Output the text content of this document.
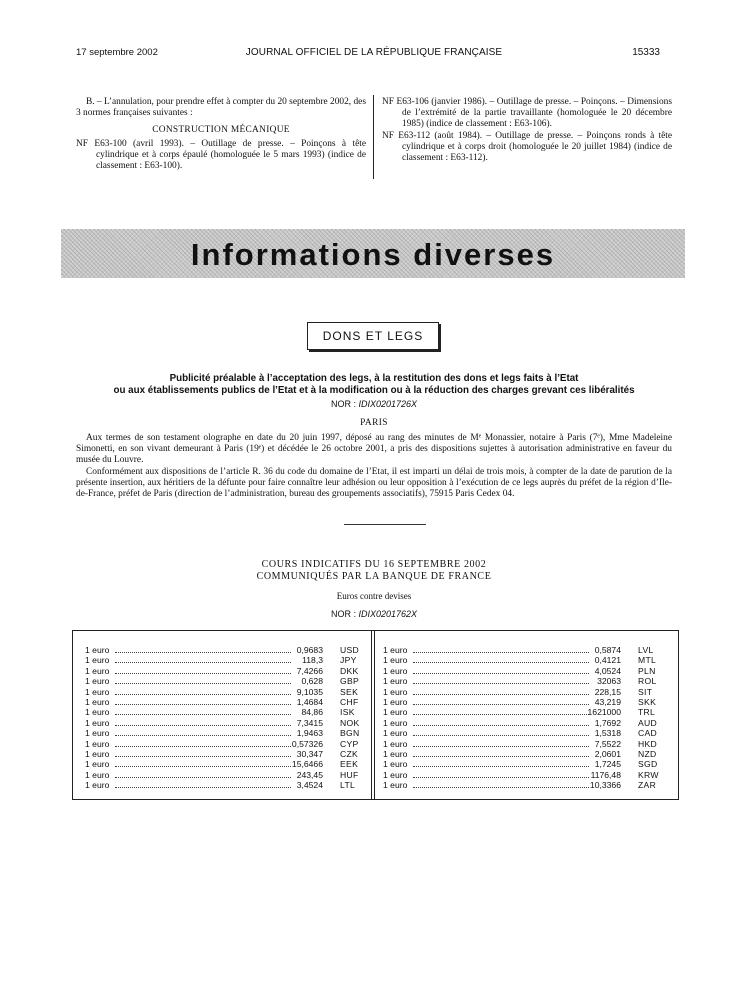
17 septembre 2002	JOURNAL OFFICIEL DE LA RÉPUBLIQUE FRANÇAISE	15333
B. – L’annulation, pour prendre effet à compter du 20 septembre 2002, des 3 normes françaises suivantes :
CONSTRUCTION MÉCANIQUE
NF E63-100 (avril 1993). – Outillage de presse. – Poinçons à tête cylindrique et à corps épaulé (homologuée le 5 mars 1993) (indice de classement : E63-100).
NF E63-106 (janvier 1986). – Outillage de presse. – Poinçons. – Dimensions de l’extrémité de la partie travaillante (homologuée le 20 décembre 1985) (indice de classement : E63-106).
NF E63-112 (août 1984). – Outillage de presse. – Poinçons ronds à tête cylindrique et à corps droit (homologuée le 20 juillet 1984) (indice de classement : E63-112).
Informations diverses
DONS ET LEGS
Publicité préalable à l’acceptation des legs, à la restitution des dons et legs faits à l’Etat
ou aux établissements publics de l’Etat et à la modification ou à la réduction des charges grevant ces libéralités
NOR : IDIX0201726X
PARIS
Aux termes de son testament olographe en date du 20 juin 1997, déposé au rang des minutes de Mᵉ Monassier, notaire à Paris (7ᵉ), Mme Madeleine Simonetti, en son vivant demeurant à Paris (19ᵉ) et décédée le 26 octobre 2001, a pris des dispositions sujettes à autorisation administrative en faveur du musée du Louvre.
Conformément aux dispositions de l’article R. 36 du code du domaine de l’Etat, il est imparti un délai de trois mois, à compter de la date de parution de la présente insertion, aux héritiers de la défunte pour faire connaître leur adhésion ou leur opposition à l’exécution de ce legs auprès du préfet de la région d’Ile-de-France, préfet de Paris (direction de l’administration, bureau des groupements associatifs), 75915 Paris Cedex 04.
COURS INDICATIFS DU 16 SEPTEMBRE 2002
COMMUNIQUÉS PAR LA BANQUE DE FRANCE
Euros contre devises
NOR : IDIX0201762X
1 euro	0,9683 USD
1 euro	118,3 JPY
1 euro	7,4266 DKK
1 euro	0,628 GBP
1 euro	9,1035 SEK
1 euro	1,4684 CHF
1 euro	84,86 ISK
1 euro	7,3415 NOK
1 euro	1,9463 BGN
1 euro	0,57326 CYP
1 euro	30,347 CZK
1 euro	15,6466 EEK
1 euro	243,45 HUF
1 euro	3,4524 LTL
1 euro	0,5874 LVL
1 euro	0,4121 MTL
1 euro	4,0524 PLN
1 euro	32063 ROL
1 euro	228,15 SIT
1 euro	43,219 SKK
1 euro	1621000 TRL
1 euro	1,7692 AUD
1 euro	1,5318 CAD
1 euro	7,5522 HKD
1 euro	2,0601 NZD
1 euro	1,7245 SGD
1 euro	1176,48 KRW
1 euro	10,3366 ZAR
